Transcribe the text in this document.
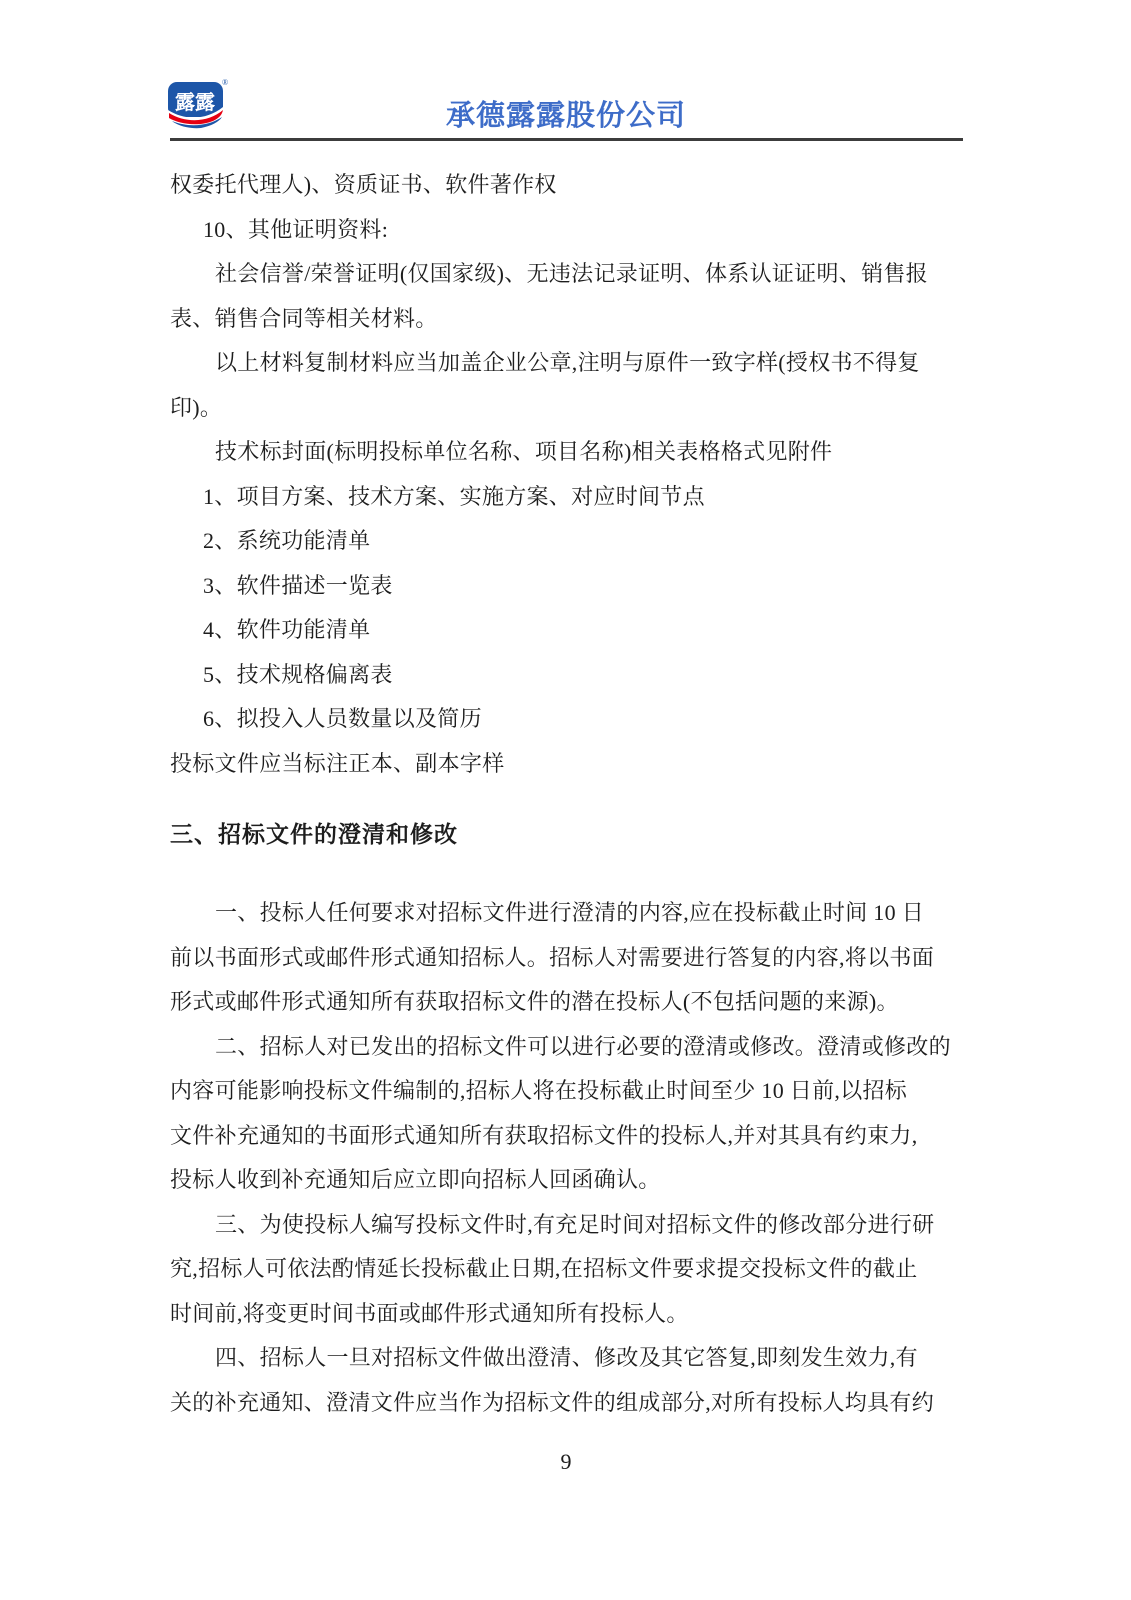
露露
®
承德露露股份公司
权委托代理人)、资质证书、软件著作权
10、其他证明资料:
社会信誉/荣誉证明(仅国家级)、无违法记录证明、体系认证证明、销售报
表、销售合同等相关材料。
以上材料复制材料应当加盖企业公章,注明与原件一致字样(授权书不得复
印)。
技术标封面(标明投标单位名称、项目名称)相关表格格式见附件
1、项目方案、技术方案、实施方案、对应时间节点
2、系统功能清单
3、软件描述一览表
4、软件功能清单
5、技术规格偏离表
6、拟投入人员数量以及简历
投标文件应当标注正本、副本字样
三、招标文件的澄清和修改
一、投标人任何要求对招标文件进行澄清的内容,应在投标截止时间 10 日
前以书面形式或邮件形式通知招标人。招标人对需要进行答复的内容,将以书面
形式或邮件形式通知所有获取招标文件的潜在投标人(不包括问题的来源)。
二、招标人对已发出的招标文件可以进行必要的澄清或修改。澄清或修改的
内容可能影响投标文件编制的,招标人将在投标截止时间至少 10 日前,以招标
文件补充通知的书面形式通知所有获取招标文件的投标人,并对其具有约束力,
投标人收到补充通知后应立即向招标人回函确认。
三、为使投标人编写投标文件时,有充足时间对招标文件的修改部分进行研
究,招标人可依法酌情延长投标截止日期,在招标文件要求提交投标文件的截止
时间前,将变更时间书面或邮件形式通知所有投标人。
四、招标人一旦对招标文件做出澄清、修改及其它答复,即刻发生效力,有
关的补充通知、澄清文件应当作为招标文件的组成部分,对所有投标人均具有约
9
